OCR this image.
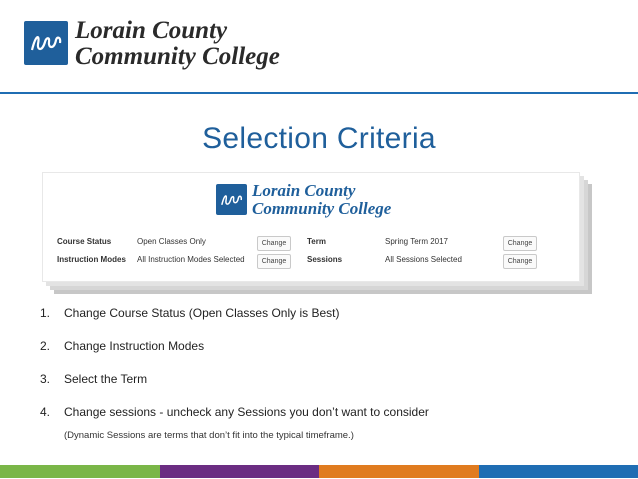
Lorain County
Community College
Selection Criteria
Lorain County
Community College
Course Status	Open Classes Only	Change
Instruction Modes All Instruction Modes Selected	Change
Term	Spring Term 2017	Change
Sessions	All Sessions Selected	Change
1. Change Course Status (Open Classes Only is Best)
2. Change Instruction Modes
3. Select the Term
4. Change sessions - uncheck any Sessions you don’t want to consider
(Dynamic Sessions are terms that don’t fit into the typical timeframe.)
